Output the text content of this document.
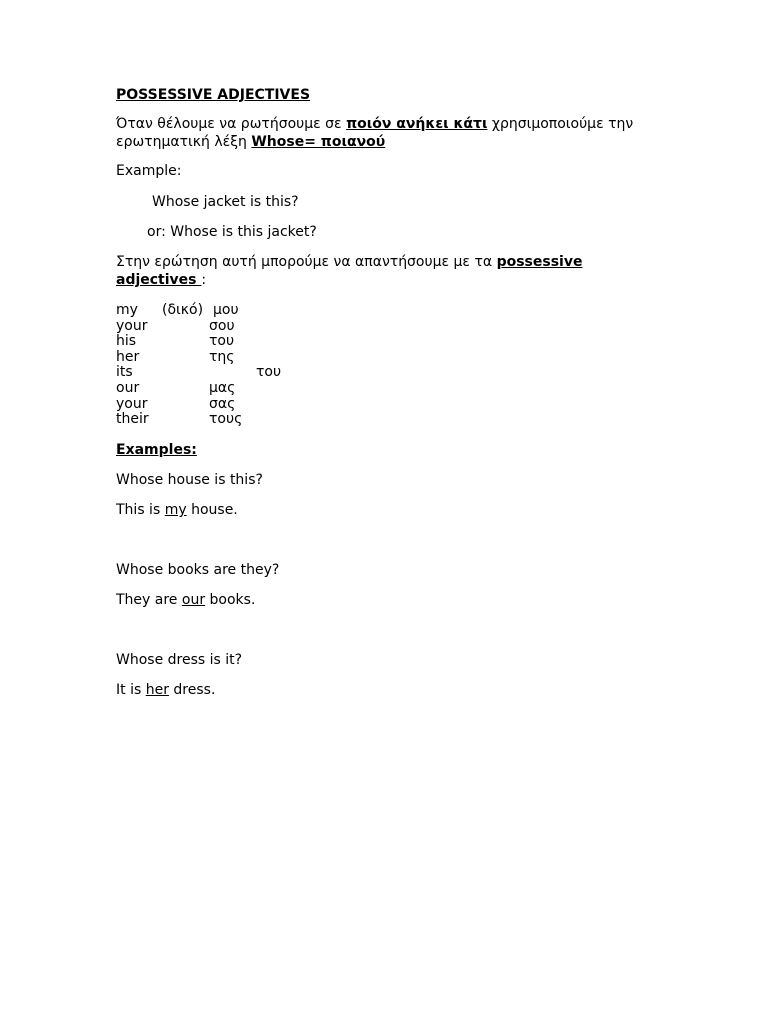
POSSESSIVE ADJECTIVES
Όταν θέλουμε να ρωτήσουμε σε ποιόν ανήκει κάτι χρησιμοποιούμε την
ερωτηματική λέξη Whose= ποιανού
Example:
Whose jacket is this?
or: Whose is this jacket?
Στην ερώτηση αυτή μπορούμε να απαντήσουμε με τα possessive
adjectives :
my (δικό) μου
your	σου
his	του
her	της
its	του
our	μας
your	σας
their	τους
Examples:
Whose house is this?
This is my house.
Whose books are they?
They are our books.
Whose dress is it?
It is her dress.
